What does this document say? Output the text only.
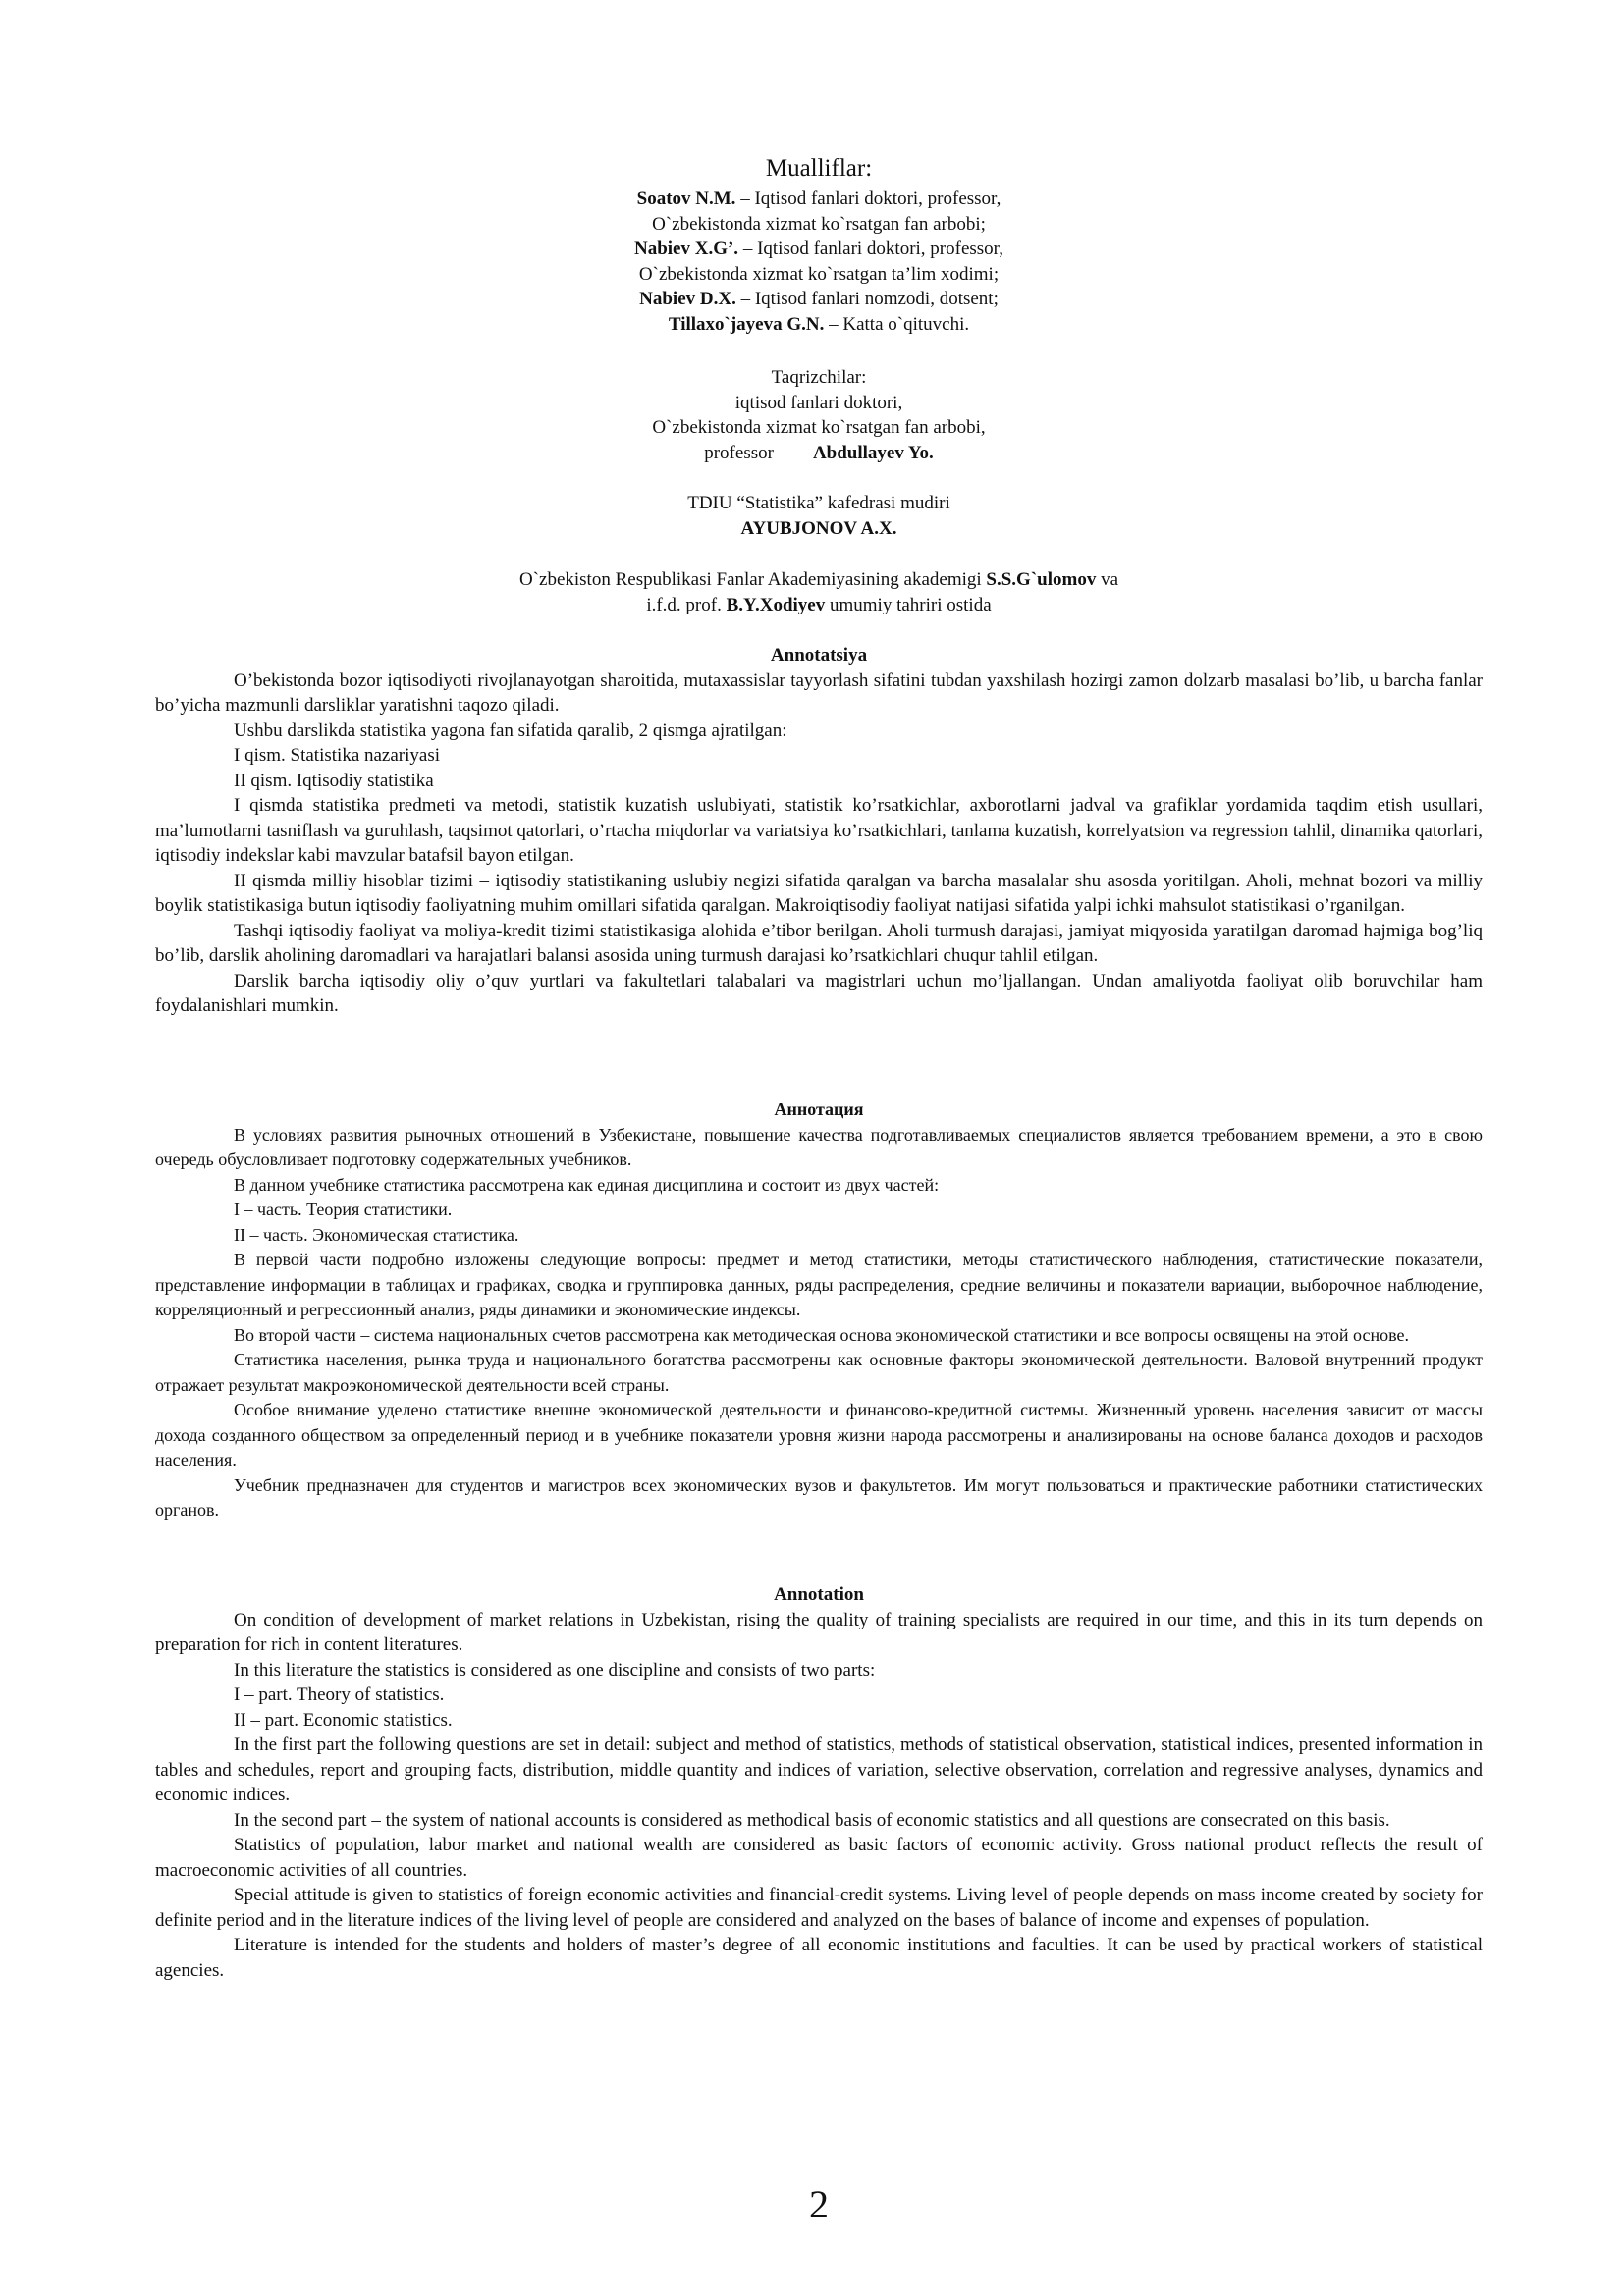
Mualliflar:
Soatov N.M. – Iqtisod fanlari doktori, professor,
O`zbekistonda xizmat ko`rsatgan fan arbobi;
Nabiev X.G’. – Iqtisod fanlari doktori, professor,
O`zbekistonda xizmat ko`rsatgan ta’lim xodimi;
Nabiev D.X. – Iqtisod fanlari nomzodi, dotsent;
Tillaxo`jayeva G.N. – Katta o`qituvchi.
Taqrizchilar:
iqtisod fanlari doktori,
O`zbekistonda xizmat ko`rsatgan fan arbobi,
professor Abdullayev Yo.
TDIU “Statistika” kafedrasi mudiri
AYUBJONOV A.X.
O`zbekiston Respublikasi Fanlar Akademiyasining akademigi S.S.G`ulomov va
i.f.d. prof. B.Y.Xodiyev umumiy tahriri ostida
Annotatsiya

O’bekistonda bozor iqtisodiyoti rivojlanayotgan sharoitida, mutaxassislar tayyorlash sifatini tubdan yaxshilash hozirgi zamon dolzarb masalasi bo’lib, u barcha fanlar bo’yicha mazmunli darsliklar yaratishni taqozo qiladi.

Ushbu darslikda statistika yagona fan sifatida qaralib, 2 qismga ajratilgan:

I qism. Statistika nazariyasi

II qism. Iqtisodiy statistika

I qismda statistika predmeti va metodi, statistik kuzatish uslubiyati, statistik ko’rsatkichlar, axborotlarni jadval va grafiklar yordamida taqdim etish usullari, ma’lumotlarni tasniflash va guruhlash, taqsimot qatorlari, o’rtacha miqdorlar va variatsiya ko’rsatkichlari, tanlama kuzatish, korrelyatsion va regression tahlil, dinamika qatorlari, iqtisodiy indekslar kabi mavzular batafsil bayon etilgan.

II qismda milliy hisoblar tizimi – iqtisodiy statistikaning uslubiy negizi sifatida qaralgan va barcha masalalar shu asosda yoritilgan. Aholi, mehnat bozori va milliy boylik statistikasiga butun iqtisodiy faoliyatning muhim omillari sifatida qaralgan. Makroiqtisodiy faoliyat natijasi sifatida yalpi ichki mahsulot statistikasi o’rganilgan.

Tashqi iqtisodiy faoliyat va moliya-kredit tizimi statistikasiga alohida e’tibor berilgan. Aholi turmush darajasi, jamiyat miqyosida yaratilgan daromad hajmiga bog’liq bo’lib, darslik aholining daromadlari va harajatlari balansi asosida uning turmush darajasi ko’rsatkichlari chuqur tahlil etilgan.

Darslik barcha iqtisodiy oliy o’quv yurtlari va fakultetlari talabalari va magistrlari uchun mo’ljallangan. Undan amaliyotda faoliyat olib boruvchilar ham foydalanishlari mumkin.

Аннотация

В условиях развития рыночных отношений в Узбекистане, повышение качества подготавливаемых специалистов является требованием времени, а это в свою очередь обусловливает подготовку содержательных учебников.

В данном учебнике статистика рассмотрена как единая дисциплина и состоит из двух частей:

I – часть. Теория статистики.

II – часть. Экономическая статистика.

В первой части подробно изложены следующие вопросы: предмет и метод статистики, методы статистического наблюдения, статистические показатели, представление информации в таблицах и графиках, сводка и группировка данных, ряды распределения, средние величины и показатели вариации, выборочное наблюдение, корреляционный и регрессионный анализ, ряды динамики и экономические индексы.

Во второй части – система национальных счетов рассмотрена как методическая основа экономической статистики и все вопросы освящены на этой основе.

Статистика населения, рынка труда и национального богатства рассмотрены как основные факторы экономической деятельности. Валовой внутренний продукт отражает результат макроэкономической деятельности всей страны.

Особое внимание уделено статистике внешне экономической деятельности и финансово-кредитной системы. Жизненный уровень населения зависит от массы дохода созданного обществом за определенный период и в учебнике показатели уровня жизни народа рассмотрены и анализированы на основе баланса доходов и расходов населения.

Учебник предназначен для студентов и магистров всех экономических вузов и факультетов. Им могут пользоваться и практические работники статистических органов.

Annotation

On condition of development of market relations in Uzbekistan, rising the quality of training specialists are required in our time, and this in its turn depends on preparation for rich in content literatures.

In this literature the statistics is considered as one discipline and consists of two parts:

I – part. Theory of statistics.

II – part. Economic statistics.

In the first part the following questions are set in detail: subject and method of statistics, methods of statistical observation, statistical indices, presented information in tables and schedules, report and grouping facts, distribution, middle quantity and indices of variation, selective observation, correlation and regressive analyses, dynamics and economic indices.

In the second part – the system of national accounts is considered as methodical basis of economic statistics and all questions are consecrated on this basis.

Statistics of population, labor market and national wealth are considered as basic factors of economic activity. Gross national product reflects the result of macroeconomic activities of all countries.

Special attitude is given to statistics of foreign economic activities and financial-credit systems. Living level of people depends on mass income created by society for definite period and in the literature indices of the living level of people are considered and analyzed on the bases of balance of income and expenses of population.

Literature is intended for the students and holders of master’s degree of all economic institutions and faculties. It can be used by practical workers of statistical agencies.

2
